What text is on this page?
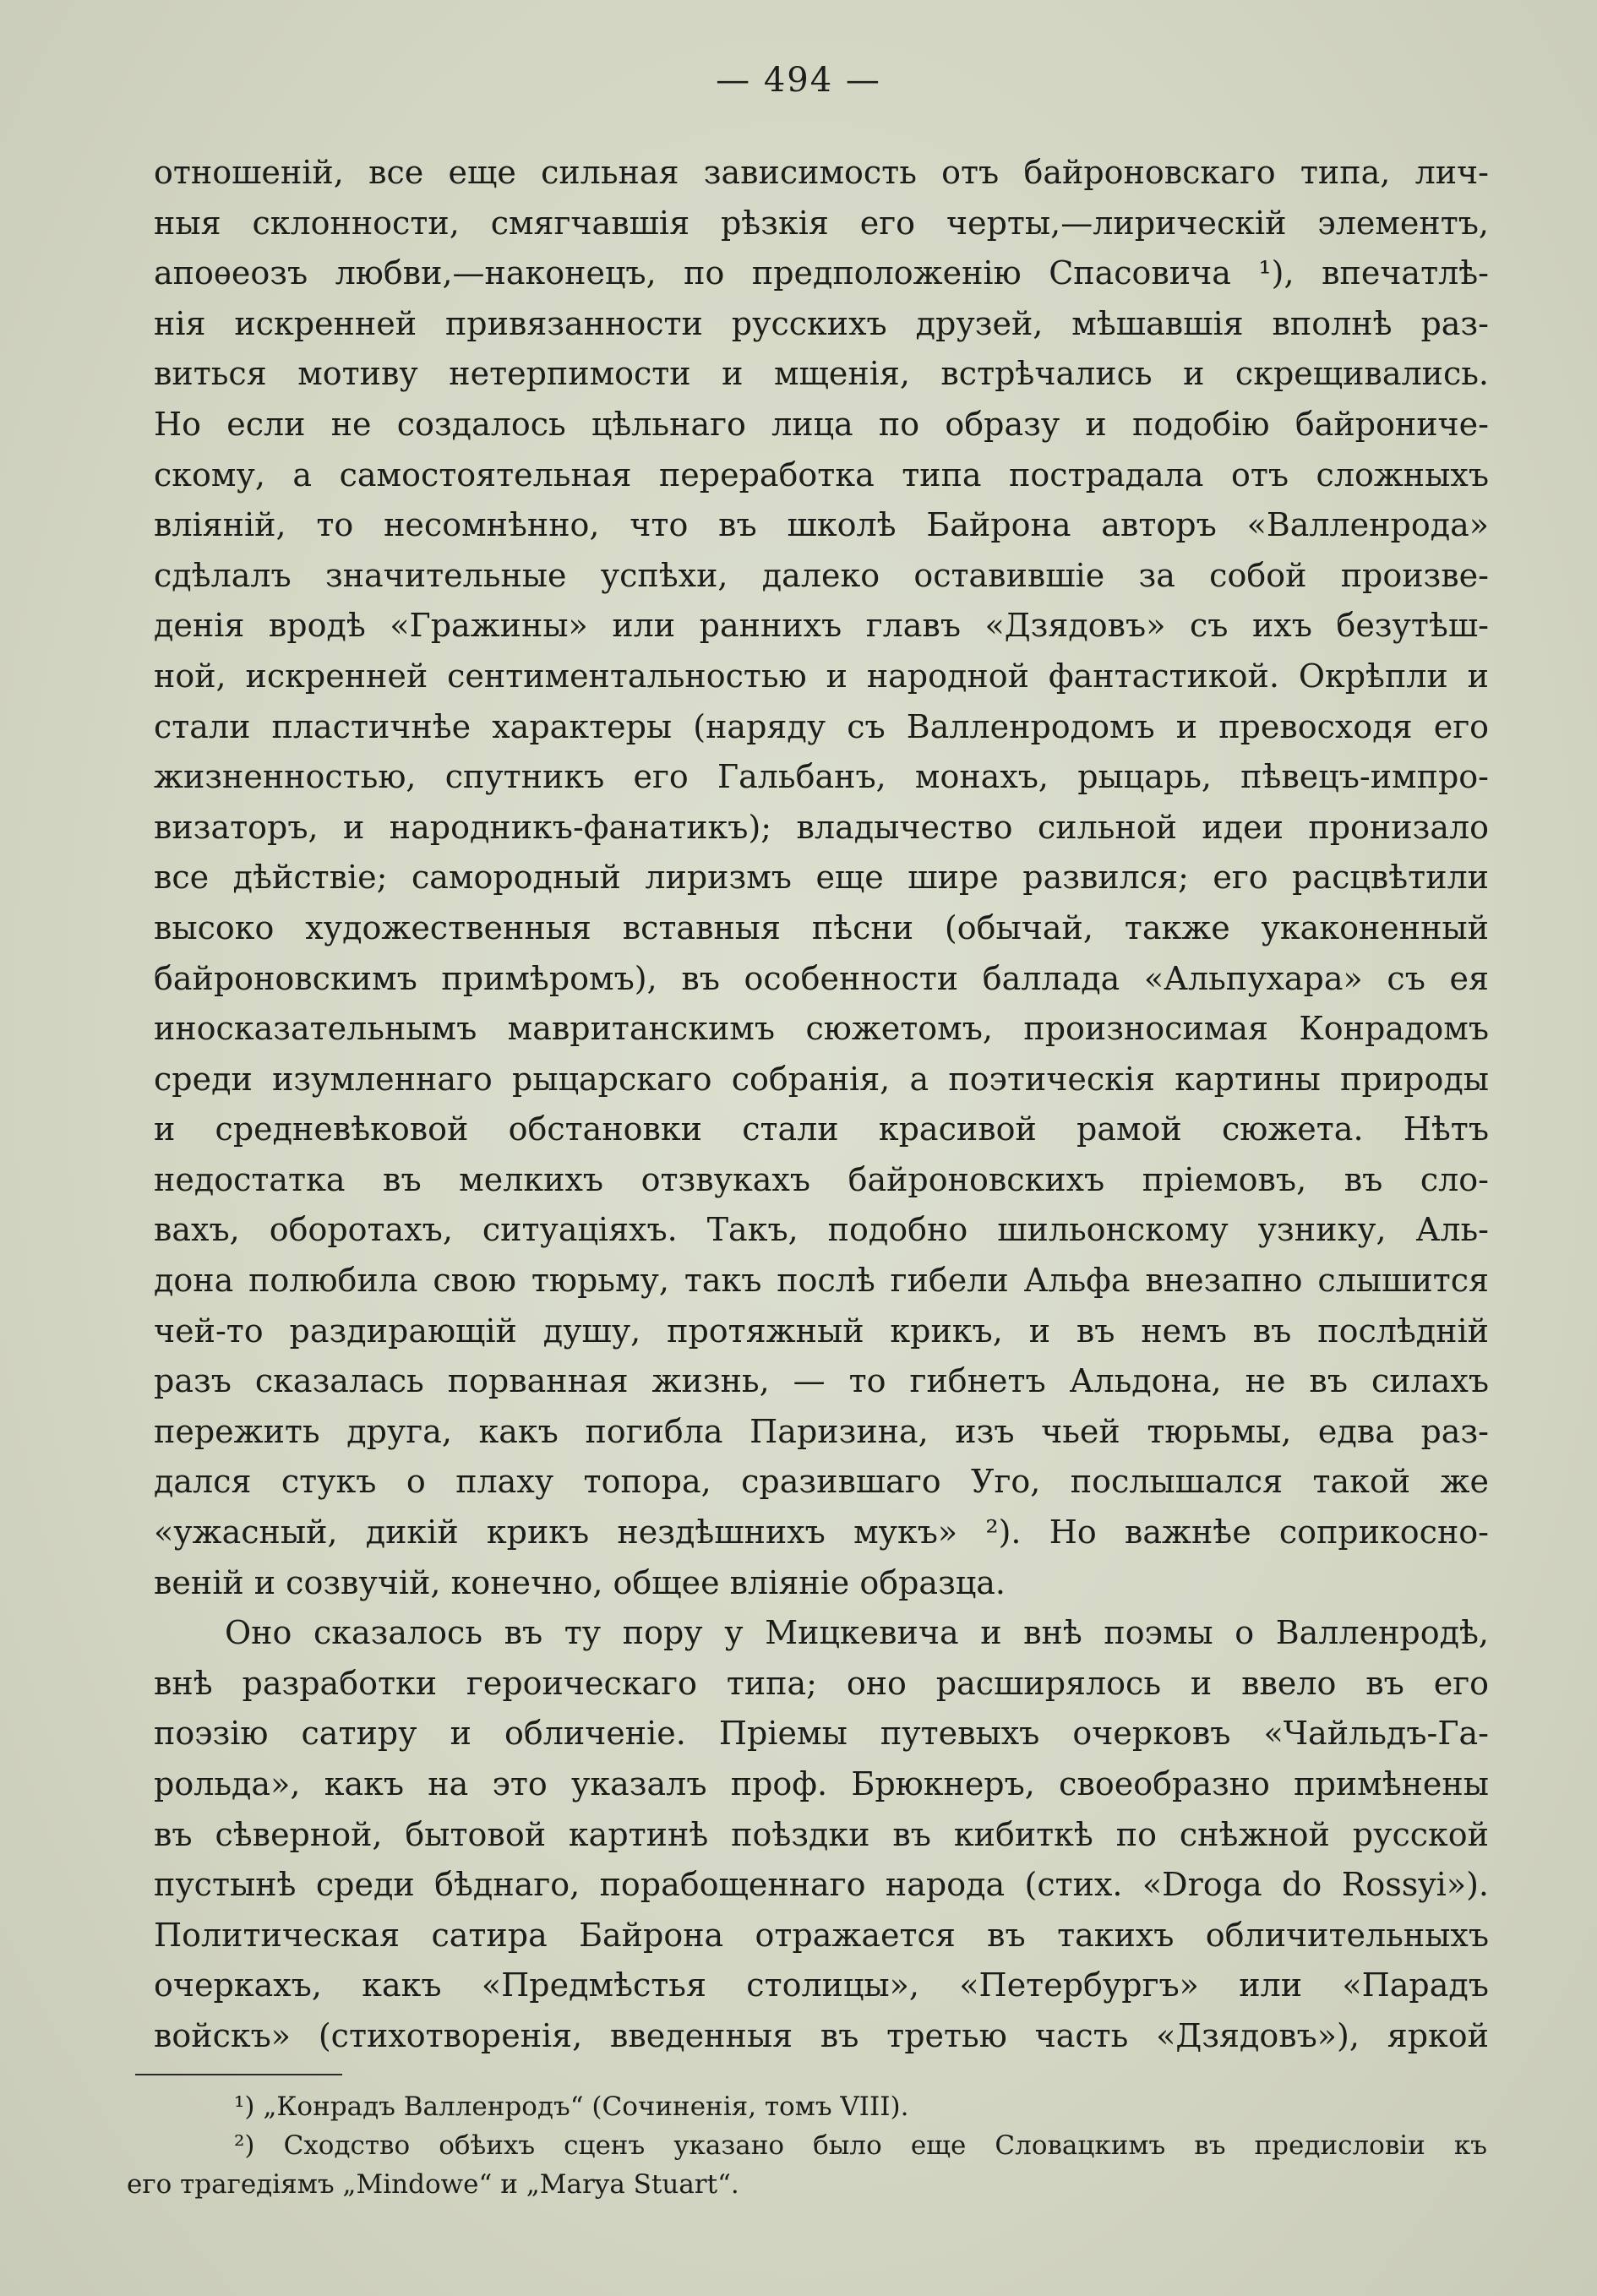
— 494 —
отношеній, все еще сильная зависимость отъ байроновскаго типа, лич-
ныя склонности, смягчавшія рѣзкія его черты,—лирическій элементъ,
апоѳеозъ любви,—наконецъ, по предположенію Спасовича ¹), впечатлѣ-
нія искренней привязанности русскихъ друзей, мѣшавшія вполнѣ раз-
виться мотиву нетерпимости и мщенія, встрѣчались и скрещивались.
Но если не создалось цѣльнаго лица по образу и подобію байрониче-
скому, а самостоятельная переработка типа пострадала отъ сложныхъ
вліяній, то несомнѣнно, что въ школѣ Байрона авторъ «Валленрода»
сдѣлалъ значительные успѣхи, далеко оставившіе за собой произве-
денія вродѣ «Гражины» или раннихъ главъ «Дзядовъ» съ ихъ безутѣш-
ной, искренней сентиментальностью и народной фантастикой. Окрѣпли и
стали пластичнѣе характеры (наряду съ Валленродомъ и превосходя его
жизненностью, спутникъ его Гальбанъ, монахъ, рыцарь, пѣвецъ-импро-
визаторъ, и народникъ-фанатикъ); владычество сильной идеи пронизало
все дѣйствіе; самородный лиризмъ еще шире развился; его расцвѣтили
высоко художественныя вставныя пѣсни (обычай, также укаконенный
байроновскимъ примѣромъ), въ особенности баллада «Альпухара» съ ея
иносказательнымъ мавританскимъ сюжетомъ, произносимая Конрадомъ
среди изумленнаго рыцарскаго собранія, а поэтическія картины природы
и средневѣковой обстановки стали красивой рамой сюжета. Нѣтъ
недостатка въ мелкихъ отзвукахъ байроновскихъ пріемовъ, въ сло-
вахъ, оборотахъ, ситуаціяхъ. Такъ, подобно шильонскому узнику, Аль-
дона полюбила свою тюрьму, такъ послѣ гибели Альфа внезапно слышится
чей-то раздирающій душу, протяжный крикъ, и въ немъ въ послѣдній
разъ сказалась порванная жизнь, — то гибнетъ Альдона, не въ силахъ
пережить друга, какъ погибла Паризина, изъ чьей тюрьмы, едва раз-
дался стукъ о плаху топора, сразившаго Уго, послышался такой же
«ужасный, дикій крикъ нездѣшнихъ мукъ» ²). Но важнѣе соприкосно-
веній и созвучій, конечно, общее вліяніе образца.
Оно сказалось въ ту пору у Мицкевича и внѣ поэмы о Валленродѣ,
внѣ разработки героическаго типа; оно расширялось и ввело въ его
поэзію сатиру и обличеніе. Пріемы путевыхъ очерковъ «Чайльдъ-Га-
рольда», какъ на это указалъ проф. Брюкнеръ, своеобразно примѣнены
въ сѣверной, бытовой картинѣ поѣздки въ кибиткѣ по снѣжной русской
пустынѣ среди бѣднаго, порабощеннаго народа (стих. «Droga do Rossyi»).
Политическая сатира Байрона отражается въ такихъ обличительныхъ
очеркахъ, какъ «Предмѣстья столицы», «Петербургъ» или «Парадъ
войскъ» (стихотворенія, введенныя въ третью часть «Дзядовъ»), яркой
¹) „Конрадъ Валленродъ“ (Сочиненія, томъ VIII).
²) Сходство обѣихъ сценъ указано было еще Словацкимъ въ предисловіи къ
его трагедіямъ „Mindowe“ и „Marya Stuart“.
